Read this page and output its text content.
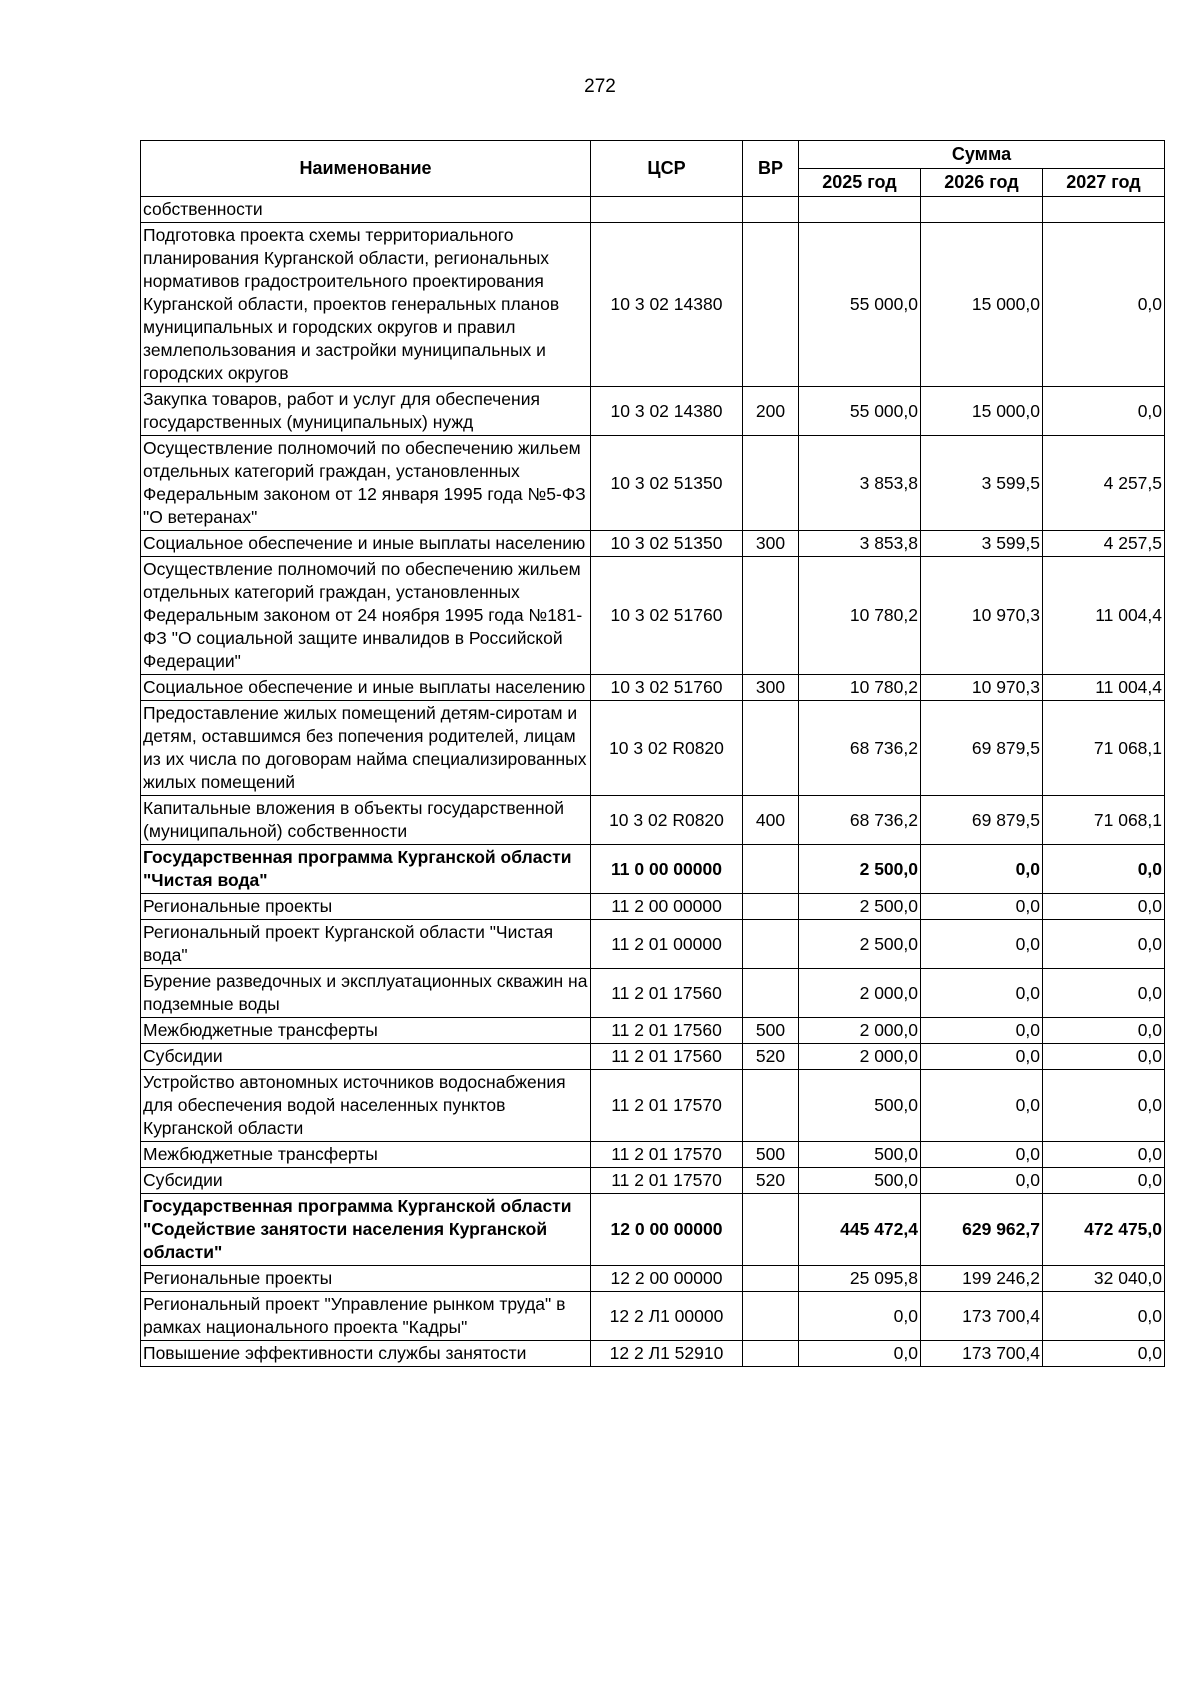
272
Наименование	ЦСР	ВР	Сумма		
			2025 год	2026 год	2027 год
собственности					
Подготовка проекта схемы территориального планирования Курганской области, региональных нормативов градостроительного проектирования Курганской области, проектов генеральных планов муниципальных и городских округов и правил землепользования и застройки муниципальных и городских округов	10 3 02 14380		55 000,0	15 000,0	0,0
Закупка товаров, работ и услуг для обеспечения государственных (муниципальных) нужд	10 3 02 14380	200	55 000,0	15 000,0	0,0
Осуществление полномочий по обеспечению жильем отдельных категорий граждан, установленных Федеральным законом от 12 января 1995 года №5-ФЗ "О ветеранах"	10 3 02 51350		3 853,8	3 599,5	4 257,5
Социальное обеспечение и иные выплаты населению	10 3 02 51350	300	3 853,8	3 599,5	4 257,5
Осуществление полномочий по обеспечению жильем отдельных категорий граждан, установленных Федеральным законом от 24 ноября 1995 года №181-ФЗ "О социальной защите инвалидов в Российской Федерации"	10 3 02 51760		10 780,2	10 970,3	11 004,4
Социальное обеспечение и иные выплаты населению	10 3 02 51760	300	10 780,2	10 970,3	11 004,4
Предоставление жилых помещений детям-сиротам и детям, оставшимся без попечения родителей, лицам из их числа по договорам найма специализированных жилых помещений	10 3 02 R0820		68 736,2	69 879,5	71 068,1
Капитальные вложения в объекты государственной (муниципальной) собственности	10 3 02 R0820	400	68 736,2	69 879,5	71 068,1
Государственная программа Курганской области "Чистая вода"	11 0 00 00000		2 500,0	0,0	0,0
Региональные проекты	11 2 00 00000		2 500,0	0,0	0,0
Региональный проект Курганской области "Чистая вода"	11 2 01 00000		2 500,0	0,0	0,0
Бурение разведочных и эксплуатационных скважин на подземные воды	11 2 01 17560		2 000,0	0,0	0,0
Межбюджетные трансферты	11 2 01 17560	500	2 000,0	0,0	0,0
Субсидии	11 2 01 17560	520	2 000,0	0,0	0,0
Устройство автономных источников водоснабжения для обеспечения водой населенных пунктов Курганской области	11 2 01 17570		500,0	0,0	0,0
Межбюджетные трансферты	11 2 01 17570	500	500,0	0,0	0,0
Субсидии	11 2 01 17570	520	500,0	0,0	0,0
Государственная программа Курганской области "Содействие занятости населения Курганской области"	12 0 00 00000		445 472,4	629 962,7	472 475,0
Региональные проекты	12 2 00 00000		25 095,8	199 246,2	32 040,0
Региональный проект "Управление рынком труда" в рамках национального проекта "Кадры"	12 2 Л1 00000		0,0	173 700,4	0,0
Повышение эффективности службы занятости	12 2 Л1 52910		0,0	173 700,4	0,0
